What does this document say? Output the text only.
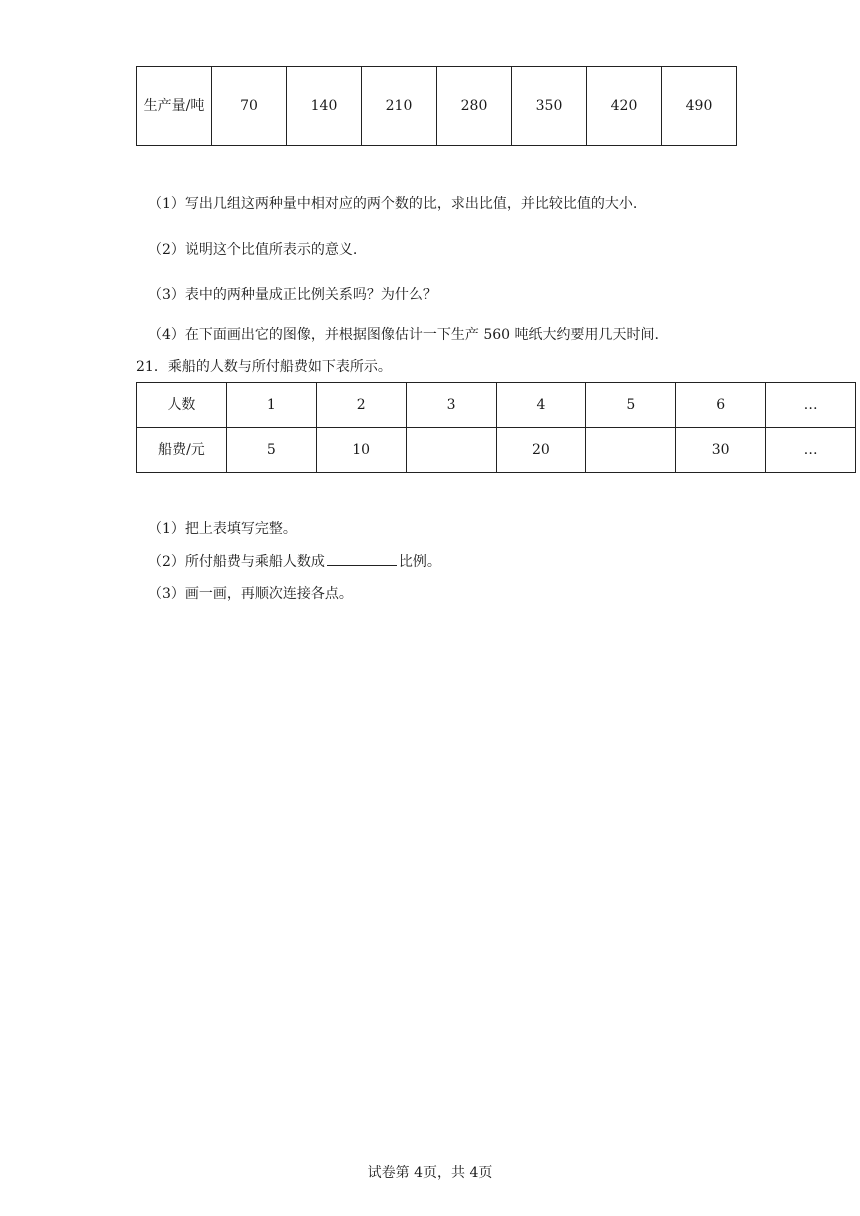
生产量/吨	70	140	210	280	350	420	490
（1）写出几组这两种量中相对应的两个数的比，求出比值，并比较比值的大小.
（2）说明这个比值所表示的意义.
（3）表中的两种量成正比例关系吗？为什么？
（4）在下面画出它的图像，并根据图像估计一下生产 560 吨纸大约要用几天时间.
21．乘船的人数与所付船费如下表所示。
人数	1	2	3	4	5	6	…
船费/元	5	10		20		30	…
（1）把上表填写完整。
（2）所付船费与乘船人数成	比例。
（3）画一画，再顺次连接各点。
试卷第 4页，共 4页
